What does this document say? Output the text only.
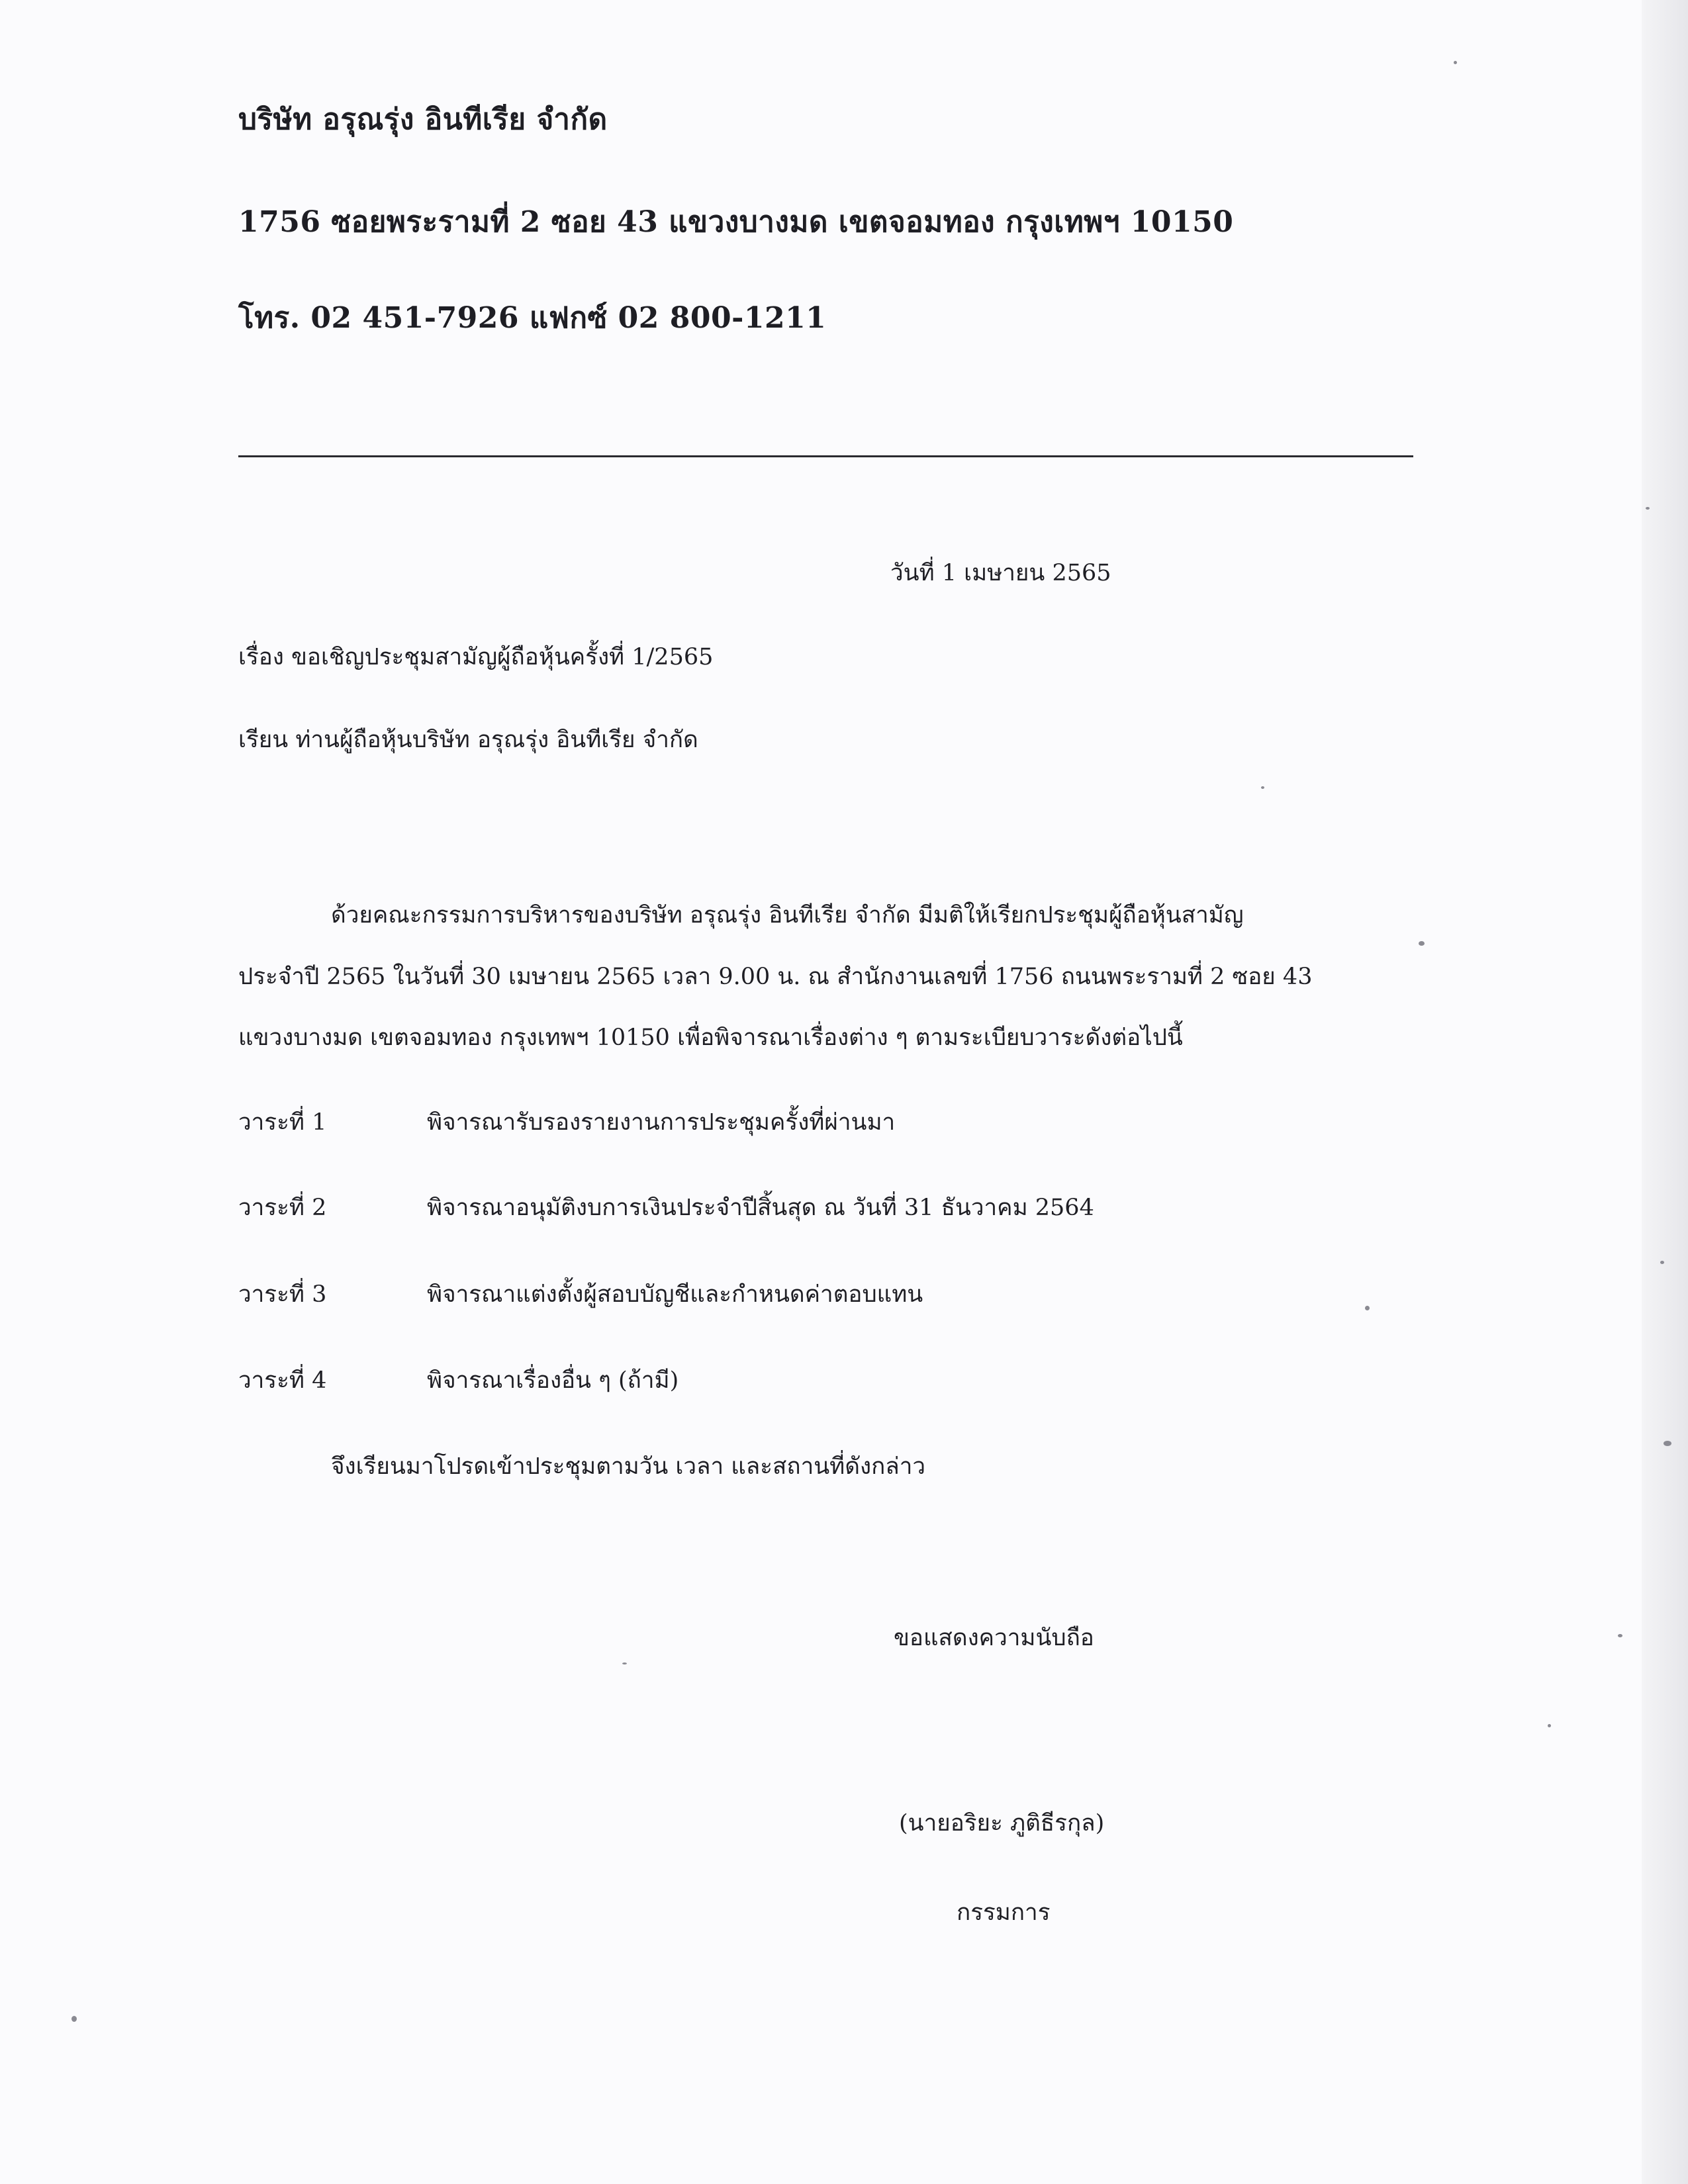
บริษัท อรุณรุ่ง อินทีเรีย จำกัด
1756 ซอยพระรามที่ 2 ซอย 43 แขวงบางมด เขตจอมทอง กรุงเทพฯ 10150
โทร. 02 451-7926 แฟกซ์ 02 800-1211
วันที่ 1 เมษายน 2565
เรื่อง ขอเชิญประชุมสามัญผู้ถือหุ้นครั้งที่ 1/2565
เรียน ท่านผู้ถือหุ้นบริษัท อรุณรุ่ง อินทีเรีย จำกัด
ด้วยคณะกรรมการบริหารของบริษัท อรุณรุ่ง อินทีเรีย จำกัด มีมติให้เรียกประชุมผู้ถือหุ้นสามัญ
ประจำปี 2565 ในวันที่ 30 เมษายน 2565 เวลา 9.00 น. ณ สำนักงานเลขที่ 1756 ถนนพระรามที่ 2 ซอย 43
แขวงบางมด เขตจอมทอง กรุงเทพฯ 10150 เพื่อพิจารณาเรื่องต่าง ๆ ตามระเบียบวาระดังต่อไปนี้
วาระที่ 1	พิจารณารับรองรายงานการประชุมครั้งที่ผ่านมา
วาระที่ 2	พิจารณาอนุมัติงบการเงินประจำปีสิ้นสุด ณ วันที่ 31 ธันวาคม 2564
วาระที่ 3	พิจารณาแต่งตั้งผู้สอบบัญชีและกำหนดค่าตอบแทน
วาระที่ 4	พิจารณาเรื่องอื่น ๆ (ถ้ามี)
จึงเรียนมาโปรดเข้าประชุมตามวัน เวลา และสถานที่ดังกล่าว
ขอแสดงความนับถือ
(นายอริยะ ภูติธีรกุล)
กรรมการ
